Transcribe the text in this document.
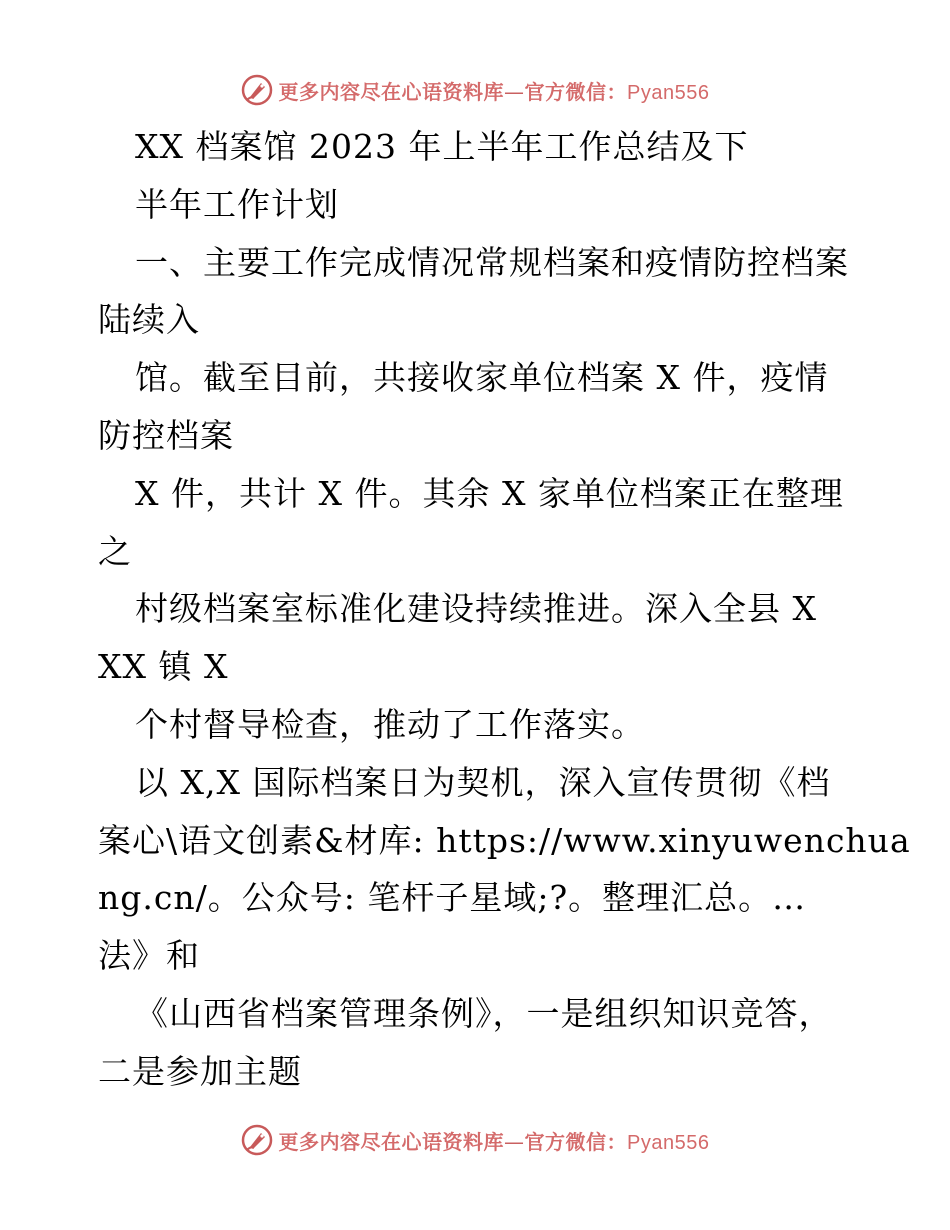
更多内容尽在心语资料库—官方微信：Pyan556
XX 档案馆 2023 年上半年工作总结及下
半年工作计划
一、主要工作完成情况常规档案和疫情防控档案
陆续入
馆。截至目前，共接收家单位档案 X 件，疫情
防控档案
X 件，共计 X 件。其余 X 家单位档案正在整理
之
村级档案室标准化建设持续推进。深入全县 X
XX 镇 X
个村督导检查，推动了工作落实。
以 X,X 国际档案日为契机，深入宣传贯彻《档
案心\语文创素&材库: https://www.xinyuwenchua
ng.cn/。公众号: 笔杆子星域;?。整理汇总。…
法》和
《山西省档案管理条例》，一是组织知识竞答，
二是参加主题
更多内容尽在心语资料库—官方微信：Pyan556
